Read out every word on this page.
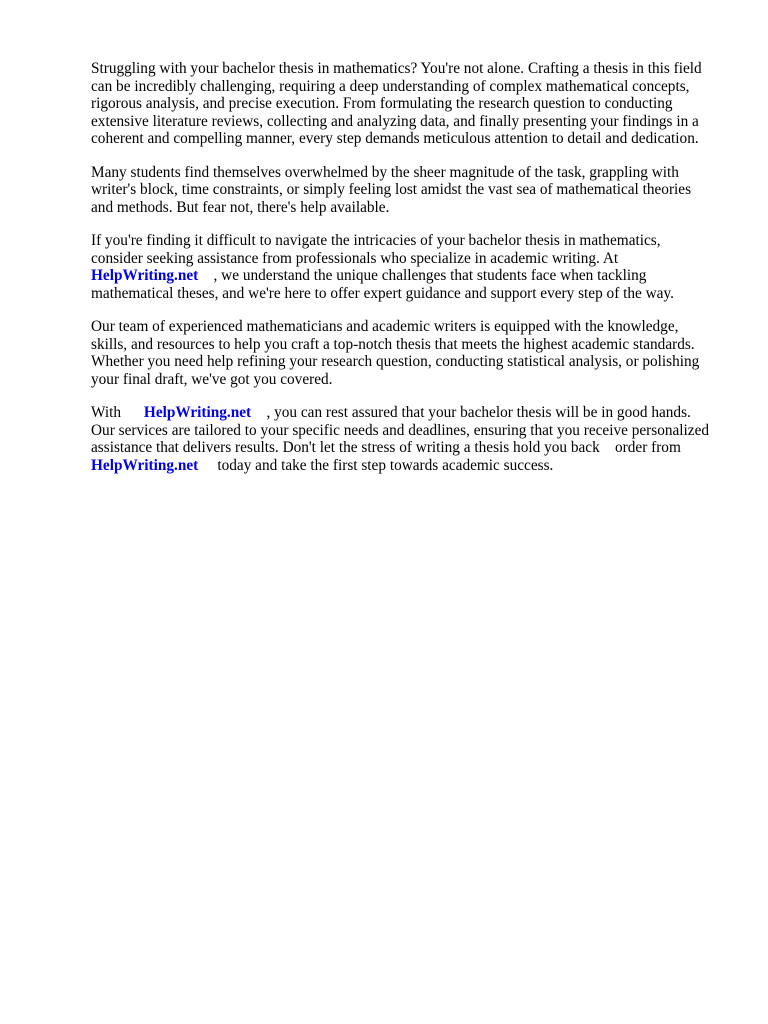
Struggling with your bachelor thesis in mathematics? You're not alone. Crafting a thesis in this field
can be incredibly challenging, requiring a deep understanding of complex mathematical concepts,
rigorous analysis, and precise execution. From formulating the research question to conducting
extensive literature reviews, collecting and analyzing data, and finally presenting your findings in a
coherent and compelling manner, every step demands meticulous attention to detail and dedication.
Many students find themselves overwhelmed by the sheer magnitude of the task, grappling with
writer's block, time constraints, or simply feeling lost amidst the vast sea of mathematical theories
and methods. But fear not, there's help available.
If you're finding it difficult to navigate the intricacies of your bachelor thesis in mathematics,
consider seeking assistance from professionals who specialize in academic writing. At
HelpWriting.net    , we understand the unique challenges that students face when tackling
mathematical theses, and we're here to offer expert guidance and support every step of the way.
Our team of experienced mathematicians and academic writers is equipped with the knowledge,
skills, and resources to help you craft a top-notch thesis that meets the highest academic standards.
Whether you need help refining your research question, conducting statistical analysis, or polishing
your final draft, we've got you covered.
With      HelpWriting.net    , you can rest assured that your bachelor thesis will be in good hands.
Our services are tailored to your specific needs and deadlines, ensuring that you receive personalized
assistance that delivers results. Don't let the stress of writing a thesis hold you back    order from
HelpWriting.net     today and take the first step towards academic success.
